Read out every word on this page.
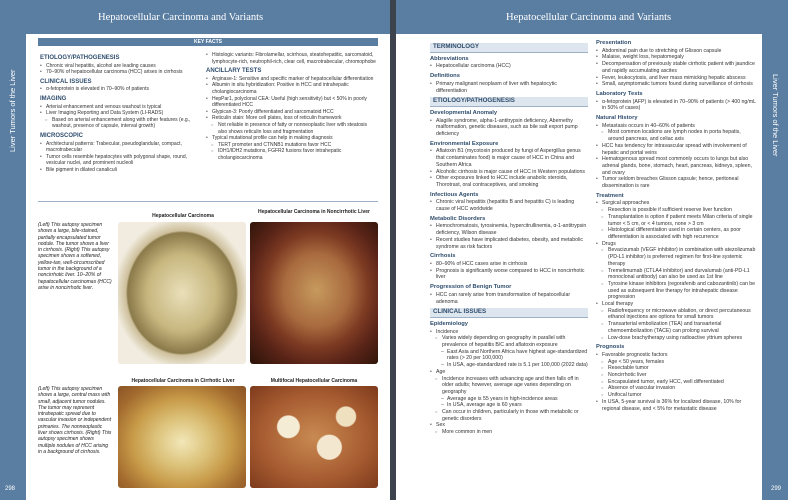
Hepatocellular Carcinoma and Variants
Liver Tumors of the Liver
298
KEY FACTS
ETIOLOGY/PATHOGENESIS
• Chronic viral hepatitis, alcohol are leading causes
• 70–90% of hepatocellular carcinoma (HCC) arises in cirrhosis
CLINICAL ISSUES
• α-fetoprotein is elevated in 70–90% of patients
IMAGING
• Arterial enhancement and venous washout is typical
• Liver Imaging Reporting and Data System (LI-RADS)
○ Based on arterial enhancement along with other features (e.g., washout, presence of capsule, interval growth)
MICROSCOPIC
• Architectural patterns: Trabecular, pseudoglandular, compact, macrotrabecular
• Tumor cells resemble hepatocytes with polygonal shape, round, vesicular nuclei, and prominent nucleoli
• Bile pigment in dilated canaliculi
• Histologic variants: Fibrolamellar, scirrhous, steatohepatitic, sarcomatoid, lymphocyte-rich, neutrophil-rich, clear cell, macrotrabecular, chromophobe
ANCILLARY TESTS
• Arginase-1: Sensitive and specific marker of hepatocellular differentiation
• Albumin in situ hybridization: Positive in HCC and intrahepatic cholangiocarcinoma
• HepPar1, polyclonal CEA: Useful (high sensitivity) but < 50% in poorly differentiated HCC
• Glypican-3: Poorly differentiated and sarcomatoid HCC
• Reticulin stain: More cell plates, loss of reticulin framework
○ Not reliable in presence of fatty or nonneoplastic liver with steatosis also shows reticulin loss and fragmentation
• Typical mutational profile can help in making diagnosis
○ TERT promoter and CTNNB1 mutations favor HCC
○ IDH1/IDH2 mutations, FGFR2 fusions favor intrahepatic cholangiocarcinoma
Hepatocellular Carcinoma
Hepatocellular Carcinoma in Noncirrhotic Liver
(Left) This autopsy specimen shows a large, bile-stained, partially encapsulated tumor nodule. The tumor shows a liver in cirrhosis. (Right) This autopsy specimen shows a softened, yellow-tan, well-circumscribed tumor in the background of a noncirrhotic liver. 10–20% of hepatocellular carcinomas (HCC) arise in noncirrhotic liver.
Hepatocellular Carcinoma in Cirrhotic Liver	Multifocal Hepatocellular Carcinoma
(Left) This autopsy specimen shows a large, central mass with small, adjacent tumor nodules. The tumor may represent intrahepatic spread due to vascular invasion or independent primaries. The nonneoplastic liver shows cirrhosis. (Right) This autopsy specimen shows multiple nodules of HCC arising in a background of cirrhosis.
Hepatocellular Carcinoma and Variants
Liver Tumors of the Liver
299
TERMINOLOGY
Abbreviations
• Hepatocellular carcinoma (HCC)
Definitions
• Primary malignant neoplasm of liver with hepatocytic differentiation
ETIOLOGY/PATHOGENESIS
Developmental Anomaly
• Alagille syndrome, alpha-1-antitrypsin deficiency, Abernethy malformation, genetic diseases, such as bile salt export pump deficiency
Environmental Exposure
• Aflatoxin B1 (mycotoxin produced by fungi of Aspergillus genus that contaminates food) is major cause of HCC in China and Southern Africa
• Alcoholic cirrhosis is major cause of HCC in Western populations
• Other exposures linked to HCC include anabolic steroids, Thorotrast, oral contraceptives, and smoking
Infectious Agents
• Chronic viral hepatitis (hepatitis B and hepatitis C) is leading cause of HCC worldwide
Metabolic Disorders
• Hemochromatosis, tyrosinemia, hypercitrullinemia, α-1-antitrypsin deficiency, Wilson disease
• Recent studies have implicated diabetes, obesity, and metabolic syndrome as risk factors
Cirrhosis
• 80–90% of HCC cases arise in cirrhosis
• Prognosis is significantly worse compared to HCC in noncirrhotic liver
Progression of Benign Tumor
• HCC can rarely arise from transformation of hepatocellular adenoma
CLINICAL ISSUES
Epidemiology
• Incidence
○ Varies widely depending on geography in parallel with prevalence of hepatitis B/C and aflatoxin exposure
– East Asia and Northern Africa have highest age-standardized rates (> 20 per 100,000)
– In USA, age-standardized rate is 5.1 per 100,000 (2022 data)
• Age
○ Incidence increases with advancing age and then falls off in older adults; however, average age varies depending on geography
– Average age is 55 years in high-incidence areas
– In USA, average age is 60 years
○ Can occur in children, particularly in those with metabolic or genetic disorders
• Sex
○ More common in men
Presentation
• Abdominal pain due to stretching of Glisson capsule
• Malaise, weight loss, hepatomegaly
• Decompensation of previously stable cirrhotic patient with jaundice and rapidly accumulating ascites
• Fever, leukocytosis, and liver mass mimicking hepatic abscess
• Small, asymptomatic tumors found during surveillance of cirrhosis
Laboratory Tests
• α-fetoprotein (AFP) is elevated in 70–90% of patients (> 400 ng/mL in 50% of cases)
Natural History
• Metastasis occurs in 40–60% of patients
○ Most common locations are lymph nodes in porta hepatis, around pancreas, and celiac axis
• HCC has tendency for intravascular spread with involvement of hepatic and portal veins
• Hematogenous spread most commonly occurs to lungs but also adrenal glands, bone, stomach, heart, pancreas, kidneys, spleen, and ovary
• Tumor seldom breaches Glisson capsule; hence, peritoneal dissemination is rare
Treatment
• Surgical approaches
○ Resection is possible if sufficient reserve liver function
○ Transplantation is option if patient meets Milan criteria of single tumor < 5 cm, or < 4 tumors, none > 3 cm
○ Histological differentiation used in certain centers, as poor differentiation is associated with high recurrence
• Drugs
○ Bevacizumab (VEGF inhibitor) in combination with atezolizumab (PD-L1 inhibitor) is preferred regimen for first-line systemic therapy
○ Tremelimumab (CTLA4 inhibitor) and durvalumab (anti-PD-L1 monoclonal antibody) can also be used as 1st line
○ Tyrosine kinase inhibitors (regorafenib and cabozantinib) can be used as subsequent line therapy for intrahepatic disease progression
• Local therapy
○ Radiofrequency or microwave ablation, or direct percutaneous ethanol injections are options for small tumors
○ Transarterial embolization (TEA) and transarterial chemoembolization (TACE) can prolong survival
○ Low-dose brachytherapy using radioactive yttrium spheres
Prognosis
• Favorable prognostic factors
○ Age < 50 years, females
○ Resectable tumor
○ Noncirrhotic liver
○ Encapsulated tumor, early HCC, well differentiated
○ Absence of vascular invasion
○ Unifocal tumor
• In USA, 5-year survival is 36% for localized disease, 10% for regional disease, and < 5% for metastatic disease
